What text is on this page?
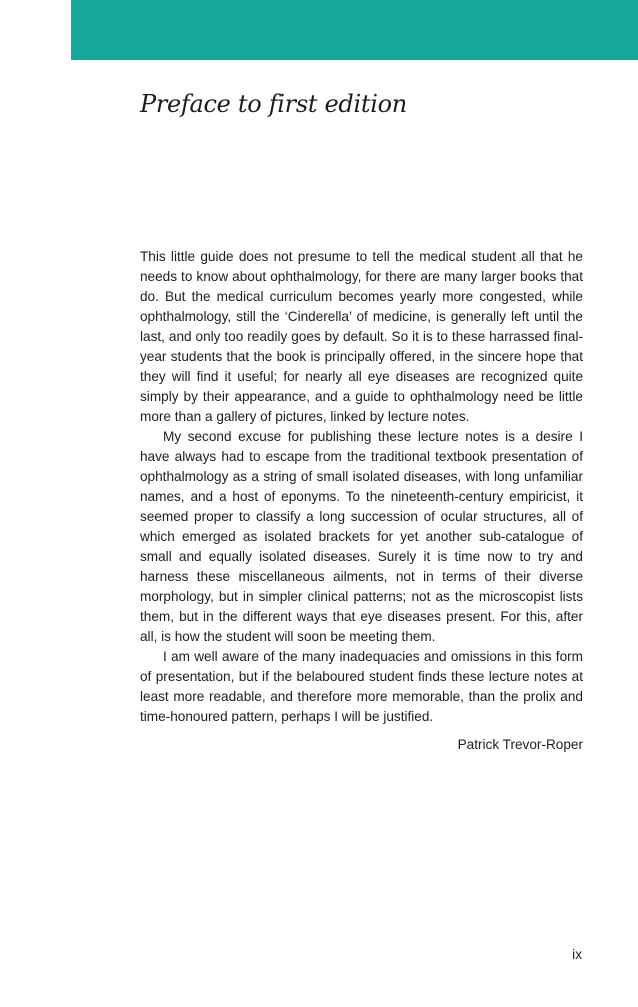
Preface to first edition

This little guide does not presume to tell the medical student all that he needs to know about ophthalmology, for there are many larger books that do. But the medical curriculum becomes yearly more congested, while ophthalmology, still the ‘Cinderella’ of medicine, is generally left until the last, and only too readily goes by default. So it is to these harrassed final-year students that the book is principally offered, in the sincere hope that they will find it useful; for nearly all eye diseases are recognized quite simply by their appearance, and a guide to ophthalmology need be little more than a gallery of pictures, linked by lecture notes.

My second excuse for publishing these lecture notes is a desire I have always had to escape from the traditional textbook presentation of ophthalmology as a string of small isolated diseases, with long unfamiliar names, and a host of eponyms. To the nineteenth-century empiricist, it seemed proper to classify a long succession of ocular structures, all of which emerged as isolated brackets for yet another sub-catalogue of small and equally isolated diseases. Surely it is time now to try and harness these miscellaneous ailments, not in terms of their diverse morphology, but in simpler clinical patterns; not as the microscopist lists them, but in the different ways that eye diseases present. For this, after all, is how the student will soon be meeting them.

I am well aware of the many inadequacies and omissions in this form of presentation, but if the belaboured student finds these lecture notes at least more readable, and therefore more memorable, than the prolix and time-honoured pattern, perhaps I will be justified.

Patrick Trevor-Roper
ix
